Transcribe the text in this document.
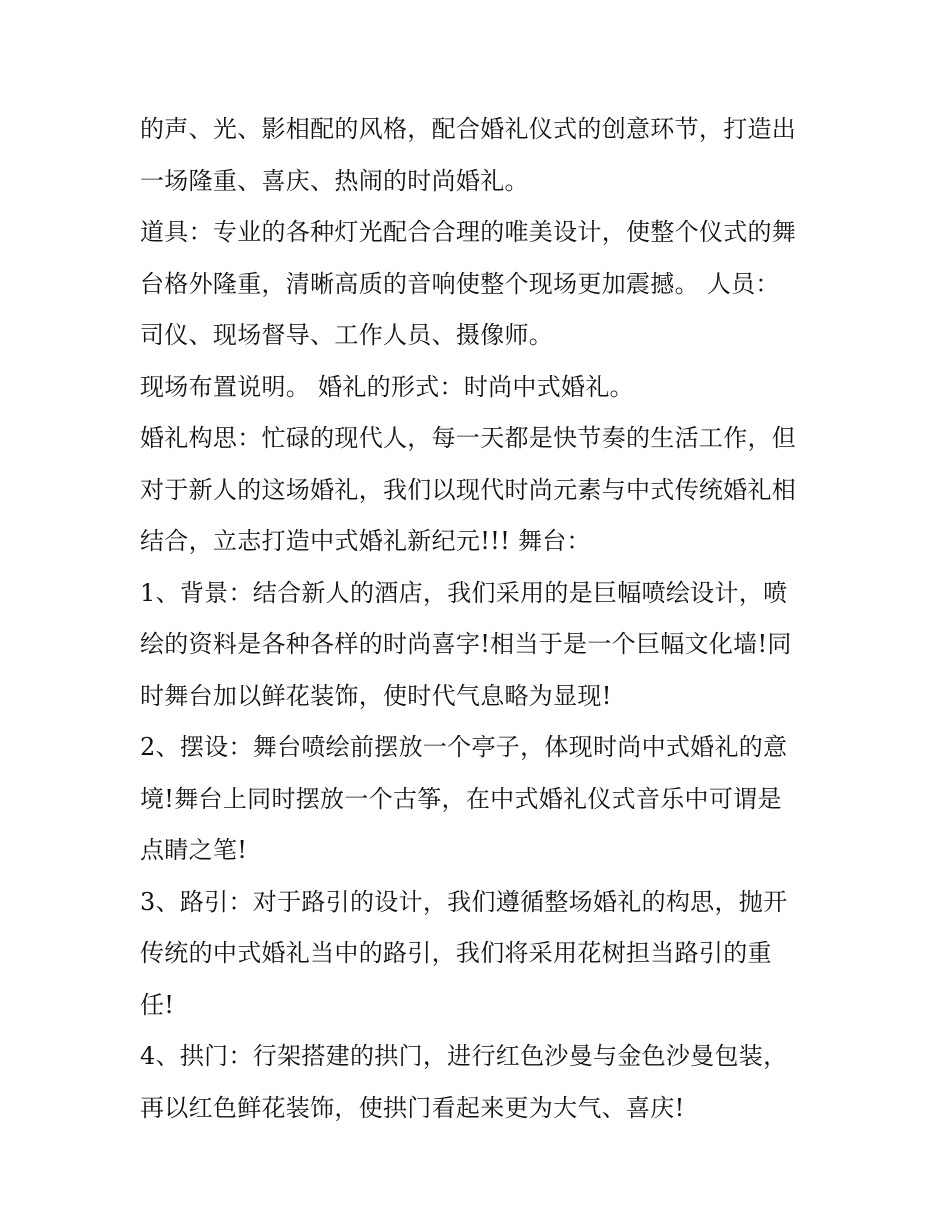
的声、光、影相配的风格，配合婚礼仪式的创意环节，打造出
一场隆重、喜庆、热闹的时尚婚礼。
道具：专业的各种灯光配合合理的唯美设计，使整个仪式的舞
台格外隆重，清晰高质的音响使整个现场更加震撼。 人员：
司仪、现场督导、工作人员、摄像师。
现场布置说明。 婚礼的形式：时尚中式婚礼。
婚礼构思：忙碌的现代人，每一天都是快节奏的生活工作，但
对于新人的这场婚礼，我们以现代时尚元素与中式传统婚礼相
结合，立志打造中式婚礼新纪元!!! 舞台：
1、背景：结合新人的酒店，我们采用的是巨幅喷绘设计，喷
绘的资料是各种各样的时尚喜字!相当于是一个巨幅文化墙!同
时舞台加以鲜花装饰，使时代气息略为显现!
2、摆设：舞台喷绘前摆放一个亭子，体现时尚中式婚礼的意
境!舞台上同时摆放一个古筝，在中式婚礼仪式音乐中可谓是
点睛之笔!
3、路引：对于路引的设计，我们遵循整场婚礼的构思，抛开
传统的中式婚礼当中的路引，我们将采用花树担当路引的重
任!
4、拱门：行架搭建的拱门，进行红色沙曼与金色沙曼包装，
再以红色鲜花装饰，使拱门看起来更为大气、喜庆!
